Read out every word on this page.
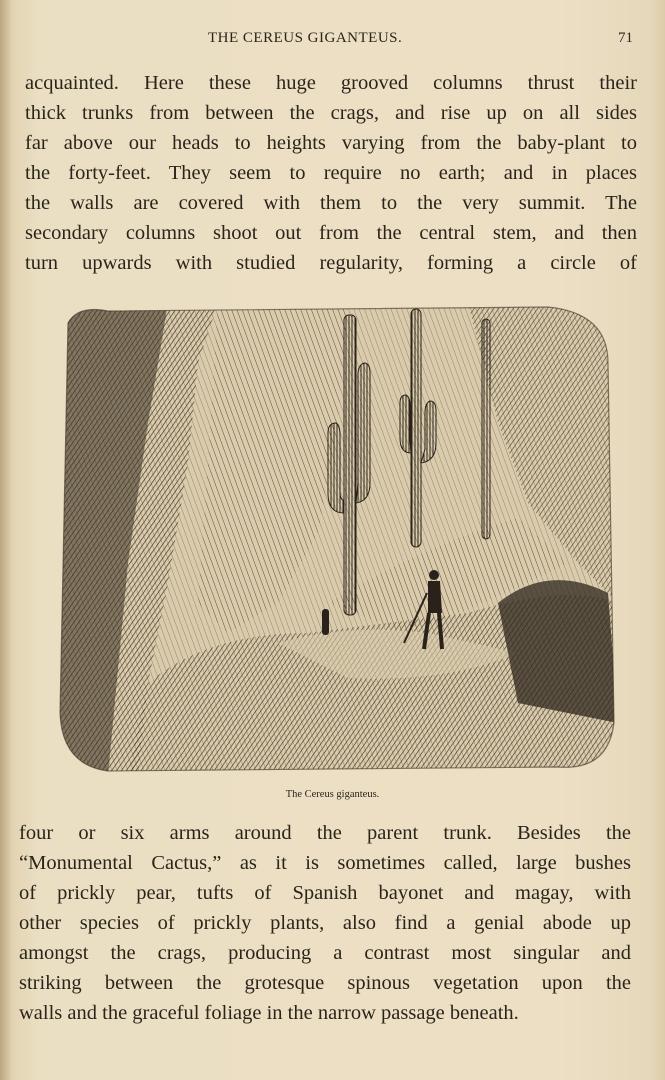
THE CEREUS GIGANTEUS.	71
acquainted. Here these huge grooved columns thrust their
thick trunks from between the crags, and rise up on all sides
far above our heads to heights varying from the baby-plant to
the forty-feet. They seem to require no earth; and in places
the walls are covered with them to the very summit. The
secondary columns shoot out from the central stem, and then
turn upwards with studied regularity, forming a circle of
The Cereus giganteus.
four or six arms around the parent trunk. Besides the
“Monumental Cactus,” as it is sometimes called, large bushes
of prickly pear, tufts of Spanish bayonet and magay, with
other species of prickly plants, also find a genial abode up
amongst the crags, producing a contrast most singular and
striking between the grotesque spinous vegetation upon the
walls and the graceful foliage in the narrow passage beneath.
